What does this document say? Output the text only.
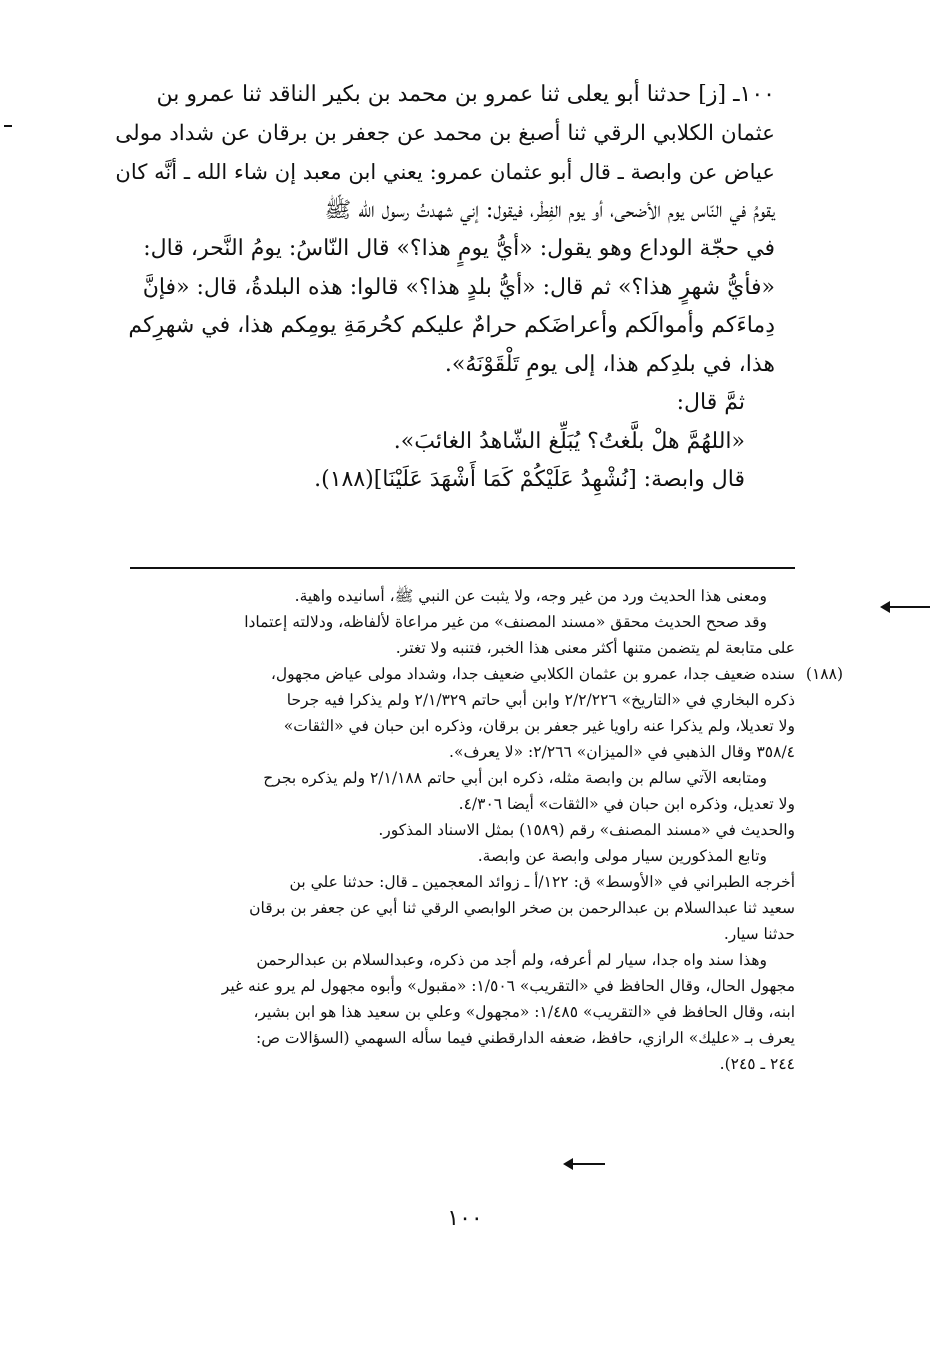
١٠٠ـ [ز] حدثنا أبو يعلى ثنا عمرو بن محمد بن بكير الناقد ثنا عمرو بن
عثمان الكلابي الرقي ثنا أصبغ بن محمد عن جعفر بن برقان عن شداد مولى
عياض عن وابصة ـ قال أبو عثمان عمرو: يعني ابن معبد إن شاء الله ـ أنَّه كان
يقومُ في النّاس يوم الأضحى، أو يوم الفِطْر، فيقول: إني شهدتُ رسول الله ﷺ
في حجّة الوداع وهو يقول: «أيُّ يومٍ هذا؟» قال النّاسُ: يومُ النَّحر، قال:
«فأيُّ شهرٍ هذا؟» ثم قال: «أيُّ بلدٍ هذا؟» قالوا: هذه البلدةُ، قال: «فإنَّ
دِماءَكم وأموالَكم وأعراضَكم حرامٌ عليكم كحُرمَةِ يومِكم هذا، في شهرِكم
هذا، في بلدِكم هذا، إلى يومِ تَلْقَوْنَهُ».
ثمَّ قال:
«اللهُمَّ هلْ بلَّغتُ؟ يُبَلِّغ الشّاهدُ الغائبَ».
قال وابصة: [نُشْهِدُ عَلَيْكُمْ كَمَا أَشْهَدَ عَلَيْنَا](١٨٨).
ومعنى هذا الحديث ورد من غير وجه، ولا يثبت عن النبي ﷺ، أسانيده واهية.
وقد صحح الحديث محقق «مسند المصنف» من غير مراعاة لألفاظه، ودلالته إعتمادا
على متابعة لم يتضمن متنها أكثر معنى هذا الخبر، فتنبه ولا تغتر.
(١٨٨)
سنده ضعيف جدا، عمرو بن عثمان الكلابي ضعيف جدا، وشداد مولى عياض مجهول،
ذكره البخاري في «التاريخ» ٢/٢/٢٢٦ وابن أبي حاتم ٢/١/٣٢٩ ولم يذكرا فيه جرحا
ولا تعديلا، ولم يذكرا عنه راويا غير جعفر بن برقان، وذكره ابن حبان في «الثقات»
٣٥٨/٤ وقال الذهبي في «الميزان» ٢/٢٦٦: «لا يعرف».
ومتابعه الآتي سالم بن وابصة مثله، ذكره ابن أبي حاتم ٢/١/١٨٨ ولم يذكره بجرح
ولا تعديل، وذكره ابن حبان في «الثقات» أيضا ٤/٣٠٦.
والحديث في «مسند المصنف» رقم (١٥٨٩) بمثل الاسناد المذكور.
وتابع المذكورين سيار مولى وابصة عن وابصة.
أخرجه الطبراني في «الأوسط» ق: ١٢٢/أ ـ زوائد المعجمين ـ قال: حدثنا علي بن
سعيد ثنا عبدالسلام بن عبدالرحمن بن صخر الوابصي الرقي ثنا أبي عن جعفر بن برقان
حدثنا سيار.
وهذا سند واه جدا، سيار لم أعرفه، ولم أجد من ذكره، وعبدالسلام بن عبدالرحمن
مجهول الحال، وقال الحافظ في «التقريب» ١/٥٠٦: «مقبول» وأبوه مجهول لم يرو عنه غير
ابنه، وقال الحافظ في «التقريب» ١/٤٨٥: «مجهول» وعلي بن سعيد هذا هو ابن بشير،
يعرف بـ «عليك» الرازي، حافظ، ضعفه الدارقطني فيما سأله السهمي (السؤالات ص:
٢٤٤ ـ ٢٤٥).
١٠٠
